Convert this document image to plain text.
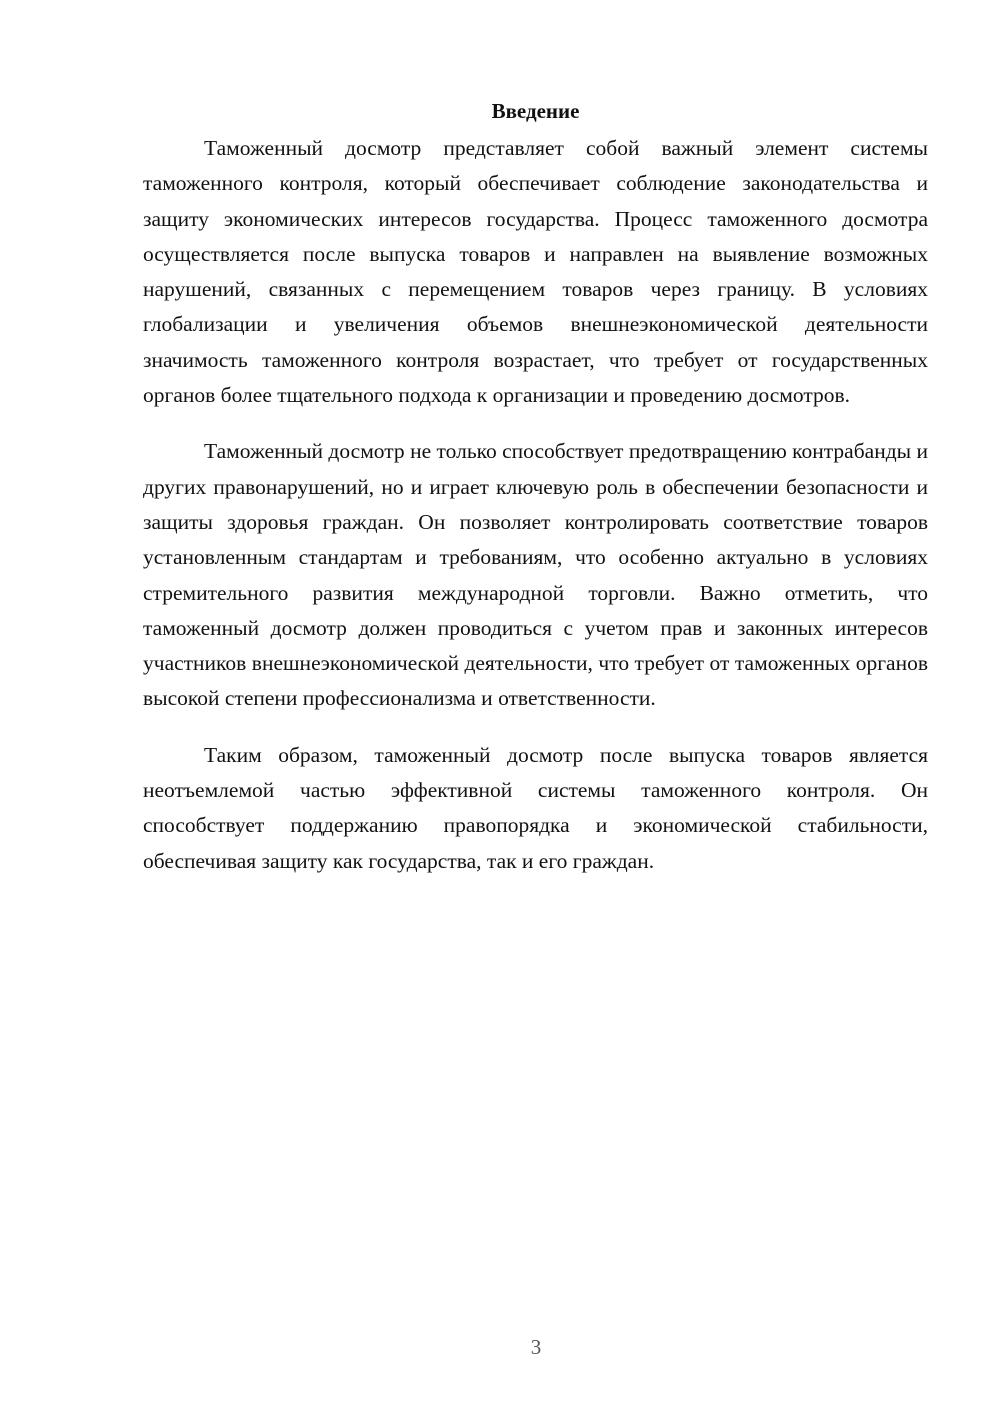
Введение

Таможенный досмотр представляет собой важный элемент системы таможенного контроля, который обеспечивает соблюдение законодательства и защиту экономических интересов государства. Процесс таможенного досмотра осуществляется после выпуска товаров и направлен на выявление возможных нарушений, связанных с перемещением товаров через границу. В условиях глобализации и увеличения объемов внешнеэкономической деятельности значимость таможенного контроля возрастает, что требует от государственных органов более тщательного подхода к организации и проведению досмотров.

Таможенный досмотр не только способствует предотвращению контрабанды и других правонарушений, но и играет ключевую роль в обеспечении безопасности и защиты здоровья граждан. Он позволяет контролировать соответствие товаров установленным стандартам и требованиям, что особенно актуально в условиях стремительного развития международной торговли. Важно отметить, что таможенный досмотр должен проводиться с учетом прав и законных интересов участников внешнеэкономической деятельности, что требует от таможенных органов высокой степени профессионализма и ответственности.

Таким образом, таможенный досмотр после выпуска товаров является неотъемлемой частью эффективной системы таможенного контроля. Он способствует поддержанию правопорядка и экономической стабильности, обеспечивая защиту как государства, так и его граждан.

3
